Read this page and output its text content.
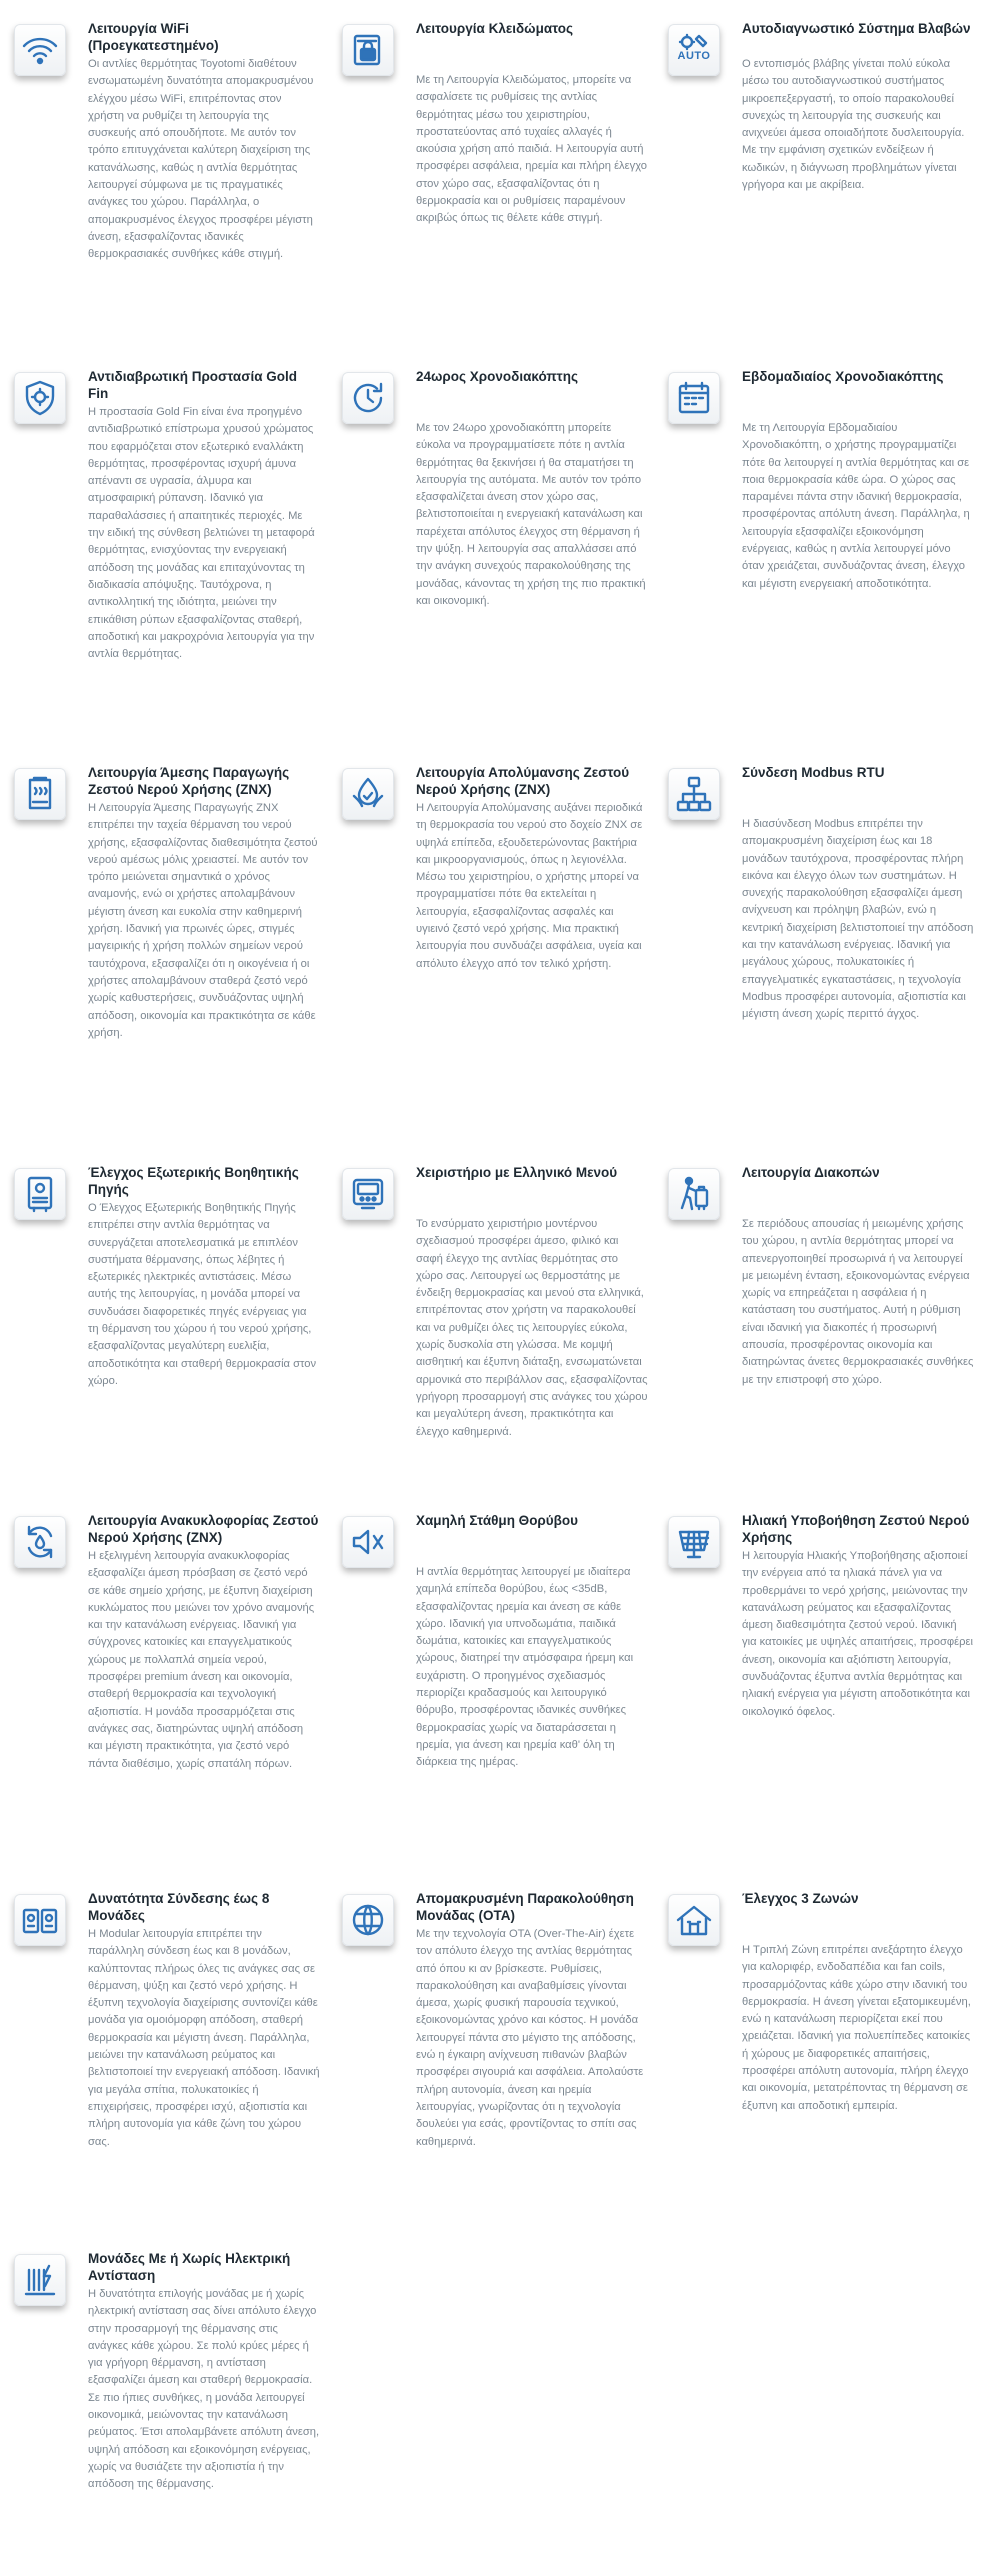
Λειτουργία WiFi (Προεγκατεστημένο)
Οι αντλίες θερμότητας Toyotomi διαθέτουν ενσωματωμένη δυνατότητα απομακρυσμένου ελέγχου μέσω WiFi, επιτρέποντας στον χρήστη να ρυθμίζει τη λειτουργία της συσκευής από οπουδήποτε. Με αυτόν τον τρόπο επιτυγχάνεται καλύτερη διαχείριση της κατανάλωσης, καθώς η αντλία θερμότητας λειτουργεί σύμφωνα με τις πραγματικές ανάγκες του χώρου. Παράλληλα, ο απομακρυσμένος έλεγχος προσφέρει μέγιστη άνεση, εξασφαλίζοντας ιδανικές θερμοκρασιακές συνθήκες κάθε στιγμή.
Λειτουργία Κλειδώματος
Με τη Λειτουργία Κλειδώματος, μπορείτε να ασφαλίσετε τις ρυθμίσεις της αντλίας θερμότητας μέσω του χειριστηρίου, προστατεύοντας από τυχαίες αλλαγές ή ακούσια χρήση από παιδιά. Η λειτουργία αυτή προσφέρει ασφάλεια, ηρεμία και πλήρη έλεγχο στον χώρο σας, εξασφαλίζοντας ότι η θερμοκρασία και οι ρυθμίσεις παραμένουν ακριβώς όπως τις θέλετε κάθε στιγμή.
AUTO
Αυτοδιαγνωστικό Σύστημα Βλαβών
Ο εντοπισμός βλάβης γίνεται πολύ εύκολα μέσω του αυτοδιαγνωστικού συστήματος μικροεπεξεργαστή, το οποίο παρακολουθεί συνεχώς τη λειτουργία της συσκευής και ανιχνεύει άμεσα οποιαδήποτε δυσλειτουργία. Με την εμφάνιση σχετικών ενδείξεων ή κωδικών, η διάγνωση προβλημάτων γίνεται γρήγορα και με ακρίβεια.
Αντιδιαβρωτική Προστασία Gold Fin
Η προστασία Gold Fin είναι ένα προηγμένο αντιδιαβρωτικό επίστρωμα χρυσού χρώματος που εφαρμόζεται στον εξωτερικό εναλλάκτη θερμότητας, προσφέροντας ισχυρή άμυνα απέναντι σε υγρασία, άλμυρα και ατμοσφαιρική ρύπανση. Ιδανικό για παραθαλάσσιες ή απαιτητικές περιοχές. Με την ειδική της σύνθεση βελτιώνει τη μεταφορά θερμότητας, ενισχύοντας την ενεργειακή απόδοση της μονάδας και επιταχύνοντας τη διαδικασία απόψυξης. Ταυτόχρονα, η αντικολλητική της ιδιότητα, μειώνει την επικάθιση ρύπων εξασφαλίζοντας σταθερή, αποδοτική και μακροχρόνια λειτουργία για την αντλία θερμότητας.
24ωρος Χρονοδιακόπτης
Με τον 24ωρο χρονοδιακόπτη μπορείτε εύκολα να προγραμματίσετε πότε η αντλία θερμότητας θα ξεκινήσει ή θα σταματήσει τη λειτουργία της αυτόματα. Με αυτόν τον τρόπο εξασφαλίζεται άνεση στον χώρο σας, βελτιστοποιείται η ενεργειακή κατανάλωση και παρέχεται απόλυτος έλεγχος στη θέρμανση ή την ψύξη. Η λειτουργία σας απαλλάσσει από την ανάγκη συνεχούς παρακολούθησης της μονάδας, κάνοντας τη χρήση της πιο πρακτική και οικονομική.
Εβδομαδιαίος Χρονοδιακόπτης
Με τη Λειτουργία Εβδομαδιαίου Χρονοδιακόπτη, ο χρήστης προγραμματίζει πότε θα λειτουργεί η αντλία θερμότητας και σε ποια θερμοκρασία κάθε ώρα. Ο χώρος σας παραμένει πάντα στην ιδανική θερμοκρασία, προσφέροντας απόλυτη άνεση. Παράλληλα, η λειτουργία εξασφαλίζει εξοικονόμηση ενέργειας, καθώς η αντλία λειτουργεί μόνο όταν χρειάζεται, συνδυάζοντας άνεση, έλεγχο και μέγιστη ενεργειακή αποδοτικότητα.
Λειτουργία Άμεσης Παραγωγής Ζεστού Νερού Χρήσης (ΖΝΧ)
Η Λειτουργία Άμεσης Παραγωγής ΖΝΧ επιτρέπει την ταχεία θέρμανση του νερού χρήσης, εξασφαλίζοντας διαθεσιμότητα ζεστού νερού αμέσως μόλις χρειαστεί. Με αυτόν τον τρόπο μειώνεται σημαντικά ο χρόνος αναμονής, ενώ οι χρήστες απολαμβάνουν μέγιστη άνεση και ευκολία στην καθημερινή χρήση. Ιδανική για πρωινές ώρες, στιγμές μαγειρικής ή χρήση πολλών σημείων νερού ταυτόχρονα, εξασφαλίζει ότι η οικογένεια ή οι χρήστες απολαμβάνουν σταθερά ζεστό νερό χωρίς καθυστερήσεις, συνδυάζοντας υψηλή απόδοση, οικονομία και πρακτικότητα σε κάθε χρήση.
Λειτουργία Απολύμανσης Ζεστού Νερού Χρήσης (ΖΝΧ)
Η Λειτουργία Απολύμανσης αυξάνει περιοδικά τη θερμοκρασία του νερού στο δοχείο ΖΝΧ σε υψηλά επίπεδα, εξουδετερώνοντας βακτήρια και μικροοργανισμούς, όπως η λεγιονέλλα. Μέσω του χειριστηρίου, ο χρήστης μπορεί να προγραμματίσει πότε θα εκτελείται η λειτουργία, εξασφαλίζοντας ασφαλές και υγιεινό ζεστό νερό χρήσης. Μια πρακτική λειτουργία που συνδυάζει ασφάλεια, υγεία και απόλυτο έλεγχο από τον τελικό χρήστη.
Σύνδεση Modbus RTU
Η διασύνδεση Modbus επιτρέπει την απομακρυσμένη διαχείριση έως και 18 μονάδων ταυτόχρονα, προσφέροντας πλήρη εικόνα και έλεγχο όλων των συστημάτων. Η συνεχής παρακολούθηση εξασφαλίζει άμεση ανίχνευση και πρόληψη βλαβών, ενώ η κεντρική διαχείριση βελτιστοποιεί την απόδοση και την κατανάλωση ενέργειας. Ιδανική για μεγάλους χώρους, πολυκατοικίες ή επαγγελματικές εγκαταστάσεις, η τεχνολογία Modbus προσφέρει αυτονομία, αξιοπιστία και μέγιστη άνεση χωρίς περιττό άγχος.
Έλεγχος Εξωτερικής Βοηθητικής Πηγής
Ο Έλεγχος Εξωτερικής Βοηθητικής Πηγής επιτρέπει στην αντλία θερμότητας να συνεργάζεται αποτελεσματικά με επιπλέον συστήματα θέρμανσης, όπως λέβητες ή εξωτερικές ηλεκτρικές αντιστάσεις. Μέσω αυτής της λειτουργίας, η μονάδα μπορεί να συνδυάσει διαφορετικές πηγές ενέργειας για τη θέρμανση του χώρου ή του νερού χρήσης, εξασφαλίζοντας μεγαλύτερη ευελιξία, αποδοτικότητα και σταθερή θερμοκρασία στον χώρο.
Χειριστήριο με Ελληνικό Μενού
Το ενσύρματο χειριστήριο μοντέρνου σχεδιασμού προσφέρει άμεσο, φιλικό και σαφή έλεγχο της αντλίας θερμότητας στο χώρο σας. Λειτουργεί ως θερμοστάτης με ένδειξη θερμοκρασίας και μενού στα ελληνικά, επιτρέποντας στον χρήστη να παρακολουθεί και να ρυθμίζει όλες τις λειτουργίες εύκολα, χωρίς δυσκολία στη γλώσσα. Με κομψή αισθητική και έξυπνη διάταξη, ενσωματώνεται αρμονικά στο περιβάλλον σας, εξασφαλίζοντας γρήγορη προσαρμογή στις ανάγκες του χώρου και μεγαλύτερη άνεση, πρακτικότητα και έλεγχο καθημερινά.
Λειτουργία Διακοπών
Σε περιόδους απουσίας ή μειωμένης χρήσης του χώρου, η αντλία θερμότητας μπορεί να απενεργοποιηθεί προσωρινά ή να λειτουργεί με μειωμένη ένταση, εξοικονομώντας ενέργεια χωρίς να επηρεάζεται η ασφάλεια ή η κατάσταση του συστήματος. Αυτή η ρύθμιση είναι ιδανική για διακοπές ή προσωρινή απουσία, προσφέροντας οικονομία και διατηρώντας άνετες θερμοκρασιακές συνθήκες με την επιστροφή στο χώρο.
Λειτουργία Ανακυκλοφορίας Ζεστού Νερού Χρήσης (ΖΝΧ)
Η εξελιγμένη λειτουργία ανακυκλοφορίας εξασφαλίζει άμεση πρόσβαση σε ζεστό νερό σε κάθε σημείο χρήσης, με έξυπνη διαχείριση κυκλώματος που μειώνει τον χρόνο αναμονής και την κατανάλωση ενέργειας. Ιδανική για σύγχρονες κατοικίες και επαγγελματικούς χώρους με πολλαπλά σημεία νερού, προσφέρει premium άνεση και οικονομία, σταθερή θερμοκρασία και τεχνολογική αξιοπιστία. Η μονάδα προσαρμόζεται στις ανάγκες σας, διατηρώντας υψηλή απόδοση και μέγιστη πρακτικότητα, για ζεστό νερό πάντα διαθέσιμο, χωρίς σπατάλη πόρων.
Χαμηλή Στάθμη Θορύβου
Η αντλία θερμότητας λειτουργεί με ιδιαίτερα χαμηλά επίπεδα θορύβου, έως <35dB, εξασφαλίζοντας ηρεμία και άνεση σε κάθε χώρο. Ιδανική για υπνοδωμάτια, παιδικά δωμάτια, κατοικίες και επαγγελματικούς χώρους, διατηρεί την ατμόσφαιρα ήρεμη και ευχάριστη. Ο προηγμένος σχεδιασμός περιορίζει κραδασμούς και λειτουργικό θόρυβο, προσφέροντας ιδανικές συνθήκες θερμοκρασίας χωρίς να διαταράσσεται η ηρεμία, για άνεση και ηρεμία καθ' όλη τη διάρκεια της ημέρας.
Ηλιακή Υποβοήθηση Ζεστού Νερού Χρήσης
Η λειτουργία Ηλιακής Υποβοήθησης αξιοποιεί την ενέργεια από τα ηλιακά πάνελ για να προθερμάνει το νερό χρήσης, μειώνοντας την κατανάλωση ρεύματος και εξασφαλίζοντας άμεση διαθεσιμότητα ζεστού νερού. Ιδανική για κατοικίες με υψηλές απαιτήσεις, προσφέρει άνεση, οικονομία και αξιόπιστη λειτουργία, συνδυάζοντας έξυπνα αντλία θερμότητας και ηλιακή ενέργεια για μέγιστη αποδοτικότητα και οικολογικό όφελος.
Δυνατότητα Σύνδεσης έως 8 Μονάδες
Η Modular λειτουργία επιτρέπει την παράλληλη σύνδεση έως και 8 μονάδων, καλύπτοντας πλήρως όλες τις ανάγκες σας σε θέρμανση, ψύξη και ζεστό νερό χρήσης. Η έξυπνη τεχνολογία διαχείρισης συντονίζει κάθε μονάδα για ομοιόμορφη απόδοση, σταθερή θερμοκρασία και μέγιστη άνεση. Παράλληλα, μειώνει την κατανάλωση ρεύματος και βελτιστοποιεί την ενεργειακή απόδοση. Ιδανική για μεγάλα σπίτια, πολυκατοικίες ή επιχειρήσεις, προσφέρει ισχύ, αξιοπιστία και πλήρη αυτονομία για κάθε ζώνη του χώρου σας.
Απομακρυσμένη Παρακολούθηση Μονάδας (OTA)
Με την τεχνολογία OTA (Over-The-Air) έχετε τον απόλυτο έλεγχο της αντλίας θερμότητας από όπου κι αν βρίσκεστε. Ρυθμίσεις, παρακολούθηση και αναβαθμίσεις γίνονται άμεσα, χωρίς φυσική παρουσία τεχνικού, εξοικονομώντας χρόνο και κόστος. Η μονάδα λειτουργεί πάντα στο μέγιστο της απόδοσης, ενώ η έγκαιρη ανίχνευση πιθανών βλαβών προσφέρει σιγουριά και ασφάλεια. Απολαύστε πλήρη αυτονομία, άνεση και ηρεμία λειτουργίας, γνωρίζοντας ότι η τεχνολογία δουλεύει για εσάς, φροντίζοντας το σπίτι σας καθημερινά.
Έλεγχος 3 Ζωνών
Η Τριπλή Ζώνη επιτρέπει ανεξάρτητο έλεγχο για καλοριφέρ, ενδοδαπέδια και fan coils, προσαρμόζοντας κάθε χώρο στην ιδανική του θερμοκρασία. Η άνεση γίνεται εξατομικευμένη, ενώ η κατανάλωση περιορίζεται εκεί που χρειάζεται. Ιδανική για πολυεπίπεδες κατοικίες ή χώρους με διαφορετικές απαιτήσεις, προσφέρει απόλυτη αυτονομία, πλήρη έλεγχο και οικονομία, μετατρέποντας τη θέρμανση σε έξυπνη και αποδοτική εμπειρία.
Μονάδες Με ή Χωρίς Ηλεκτρική Αντίσταση
Η δυνατότητα επιλογής μονάδας με ή χωρίς ηλεκτρική αντίσταση σας δίνει απόλυτο έλεγχο στην προσαρμογή της θέρμανσης στις ανάγκες κάθε χώρου. Σε πολύ κρύες μέρες ή για γρήγορη θέρμανση, η αντίσταση εξασφαλίζει άμεση και σταθερή θερμοκρασία. Σε πιο ήπιες συνθήκες, η μονάδα λειτουργεί οικονομικά, μειώνοντας την κατανάλωση ρεύματος. Έτσι απολαμβάνετε απόλυτη άνεση, υψηλή απόδοση και εξοικονόμηση ενέργειας, χωρίς να θυσιάζετε την αξιοπιστία ή την απόδοση της θέρμανσης.
